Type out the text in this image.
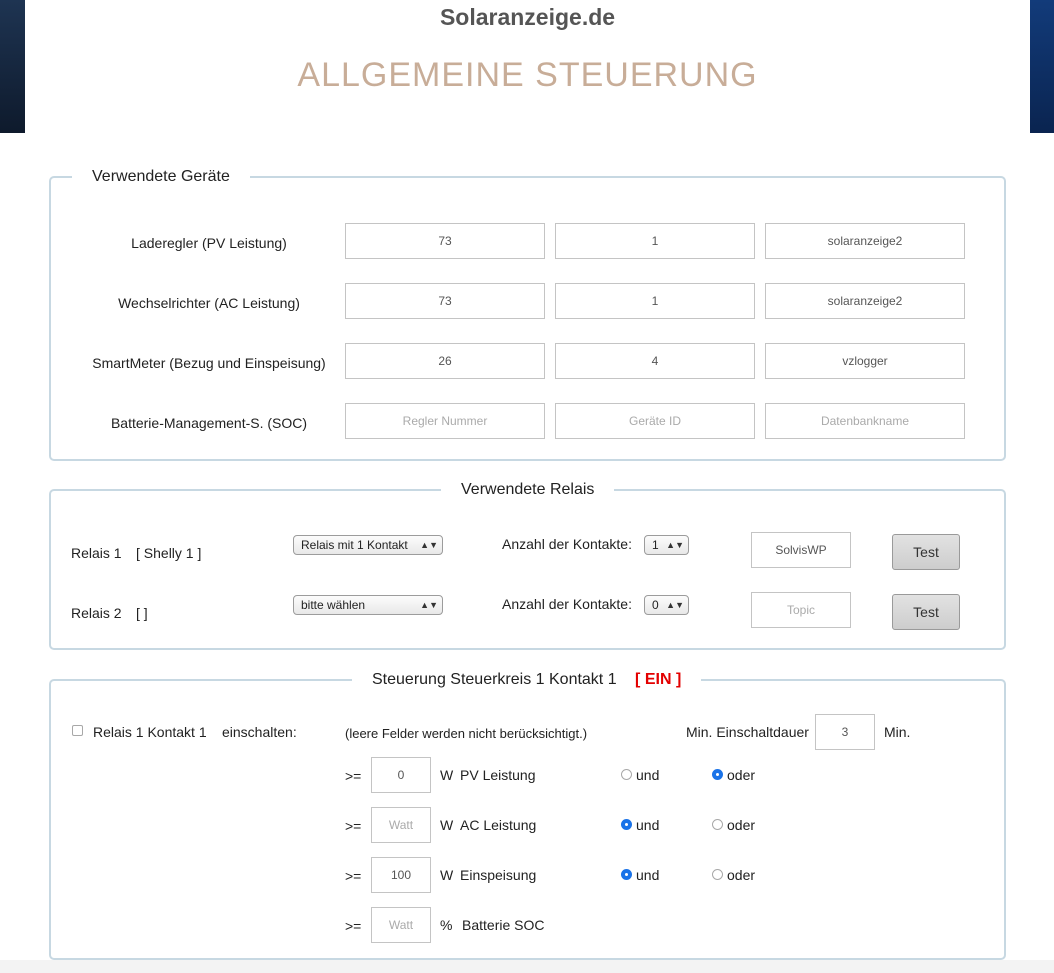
Solaranzeige.de
ALLGEMEINE STEUERUNG
Verwendete Geräte
Laderegler (PV Leistung)	73	1	solaranzeige2
Wechselrichter (AC Leistung)	73	1	solaranzeige2
SmartMeter (Bezug und Einspeisung)	26	4	vzlogger
Batterie-Management-S. (SOC)	Regler Nummer	Geräte ID	Datenbankname
Verwendete Relais
Relais 1 [ Shelly 1 ]	Relais mit 1 Kontakt ▲▼	Anzahl der Kontakte:	1 ▲▼	SolvisWP	Test
Relais 2 [ ]	bitte wählen	▲▼	Anzahl der Kontakte:	0 ▲▼	Topic	Test
Steuerung Steuerkreis 1 Kontakt 1 [ EIN ]
Relais 1 Kontakt 1 einschalten:	(leere Felder werden nicht berücksichtigt.)	Min. Einschaltdauer	3	Min.
>=	0	W PV Leistung	und	oder
>=	Watt	W AC Leistung	und	oder
>=	100	W Einspeisung	und	oder
>=	Watt	% Batterie SOC
